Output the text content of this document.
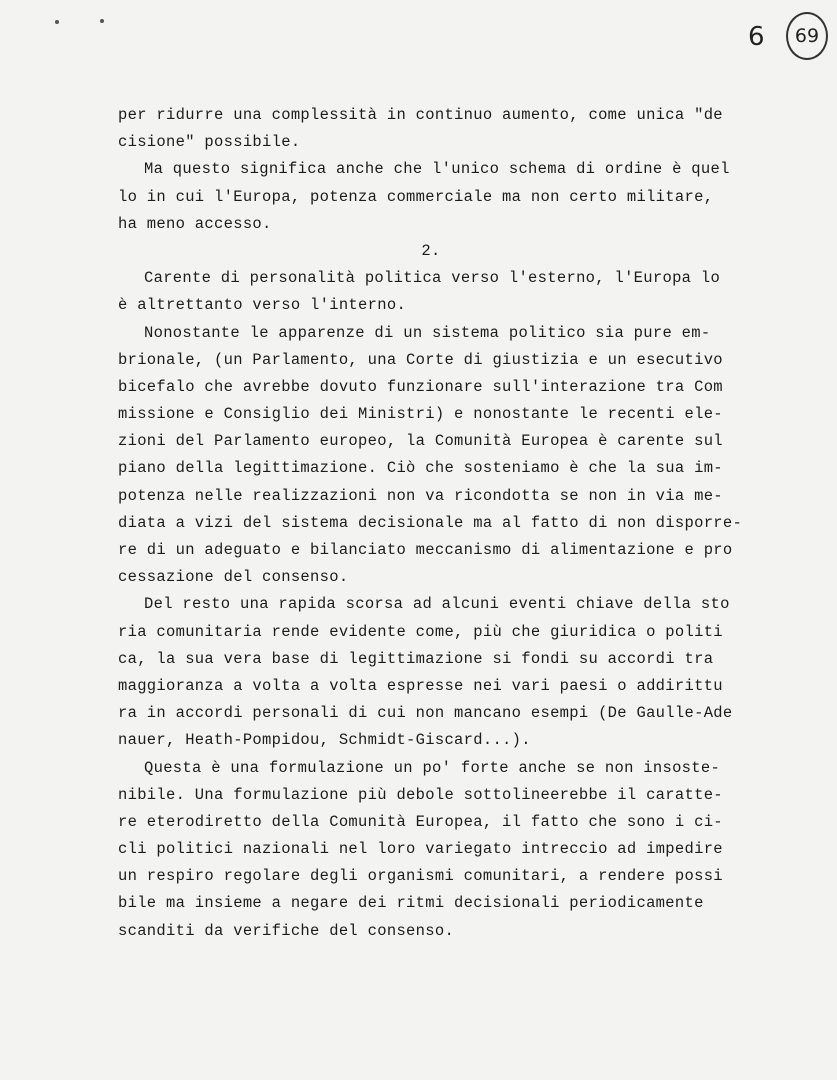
6 69
per ridurre una complessità in continuo aumento, come unica "de
cisione" possibile.
Ma questo significa anche che l'unico schema di ordine è quel
lo in cui l'Europa, potenza commerciale ma non certo militare,
ha meno accesso.
2.
Carente di personalità politica verso l'esterno, l'Europa lo
è altrettanto verso l'interno.
Nonostante le apparenze di un sistema politico sia pure em-
brionale, (un Parlamento, una Corte di giustizia e un esecutivo
bicefalo che avrebbe dovuto funzionare sull'interazione tra Com
missione e Consiglio dei Ministri) e nonostante le recenti ele-
zioni del Parlamento europeo, la Comunità Europea è carente sul
piano della legittimazione. Ciò che sosteniamo è che la sua im-
potenza nelle realizzazioni non va ricondotta se non in via me-
diata a vizi del sistema decisionale ma al fatto di non disporre-
re di un adeguato e bilanciato meccanismo di alimentazione e pro
cessazione del consenso.
Del resto una rapida scorsa ad alcuni eventi chiave della sto
ria comunitaria rende evidente come, più che giuridica o politi
ca, la sua vera base di legittimazione si fondi su accordi tra
maggioranza a volta a volta espresse nei vari paesi o addirittu
ra in accordi personali di cui non mancano esempi (De Gaulle-Ade
nauer, Heath-Pompidou, Schmidt-Giscard...).
Questa è una formulazione un po' forte anche se non insoste-
nibile. Una formulazione più debole sottolineerebbe il caratte-
re eterodiretto della Comunità Europea, il fatto che sono i ci-
cli politici nazionali nel loro variegato intreccio ad impedire
un respiro regolare degli organismi comunitari, a rendere possi
bile ma insieme a negare dei ritmi decisionali periodicamente
scanditi da verifiche del consenso.
